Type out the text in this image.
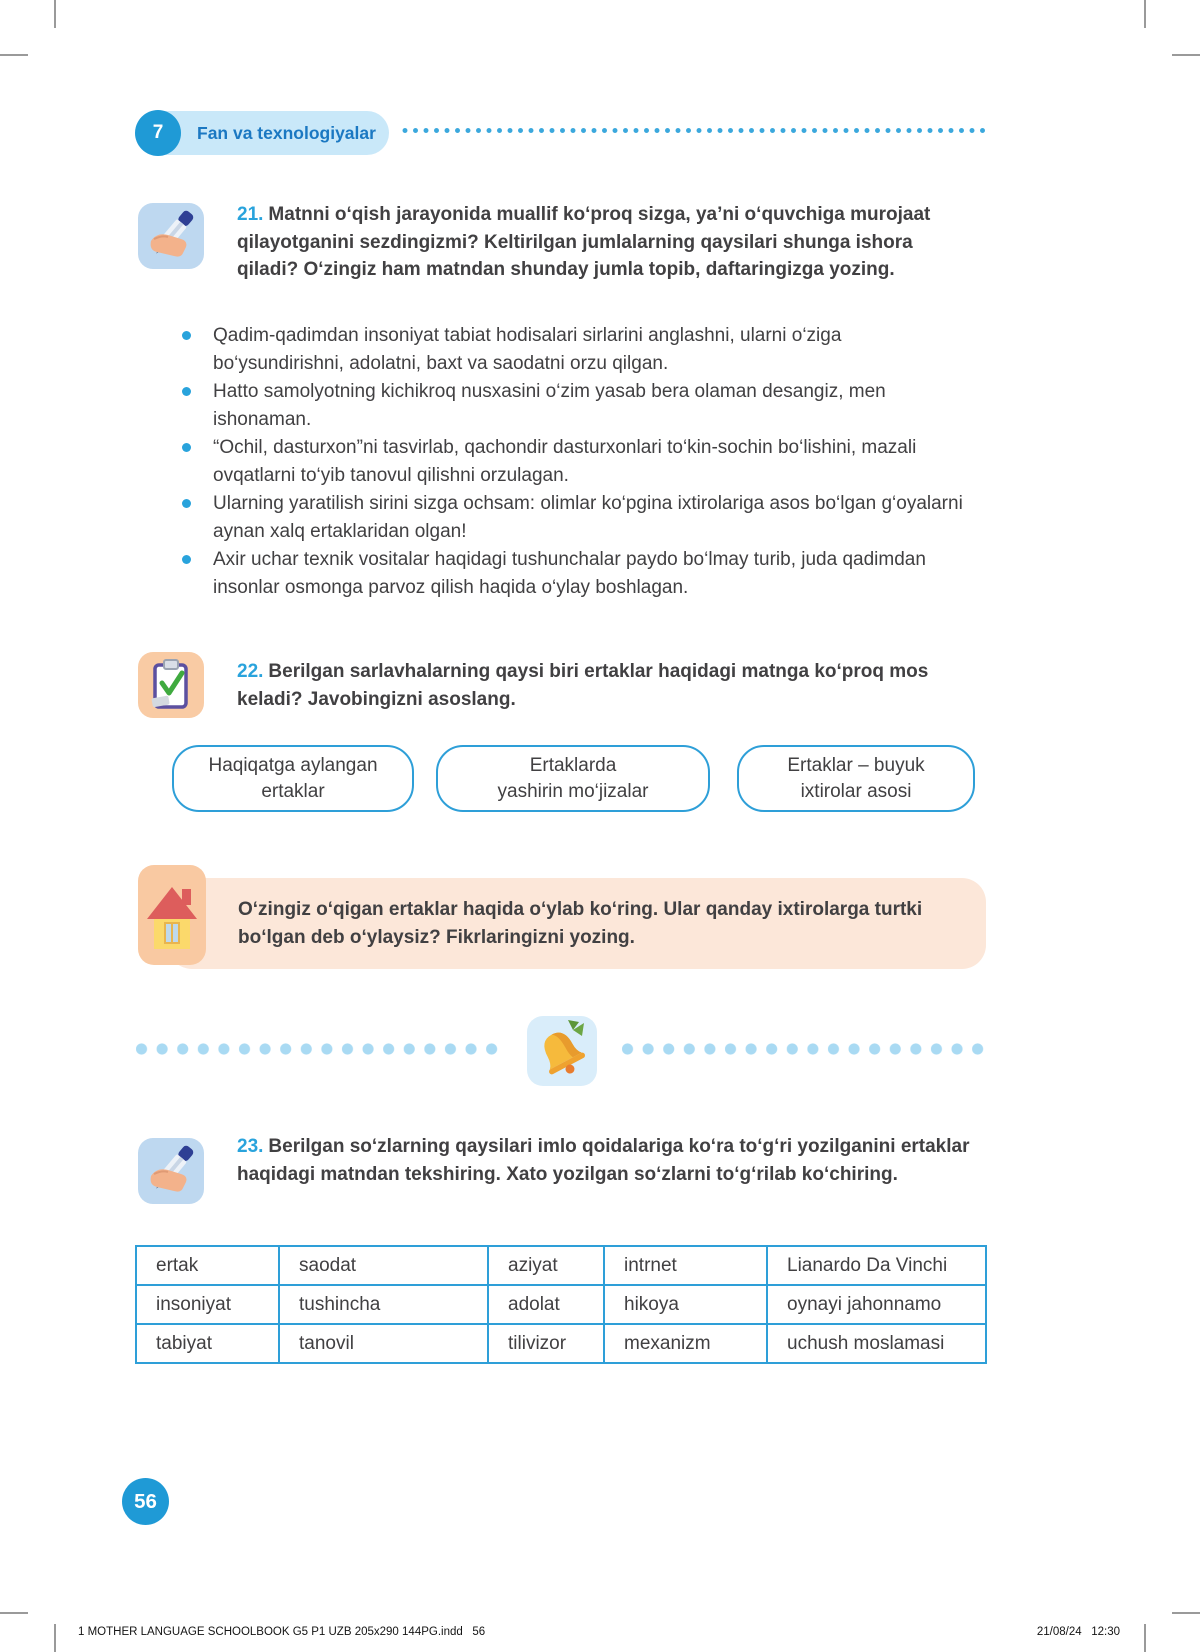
7 Fan va texnologiyalar

21. Matnni o‘qish jarayonida muallif ko‘proq sizga, ya’ni o‘quvchiga murojaat qilayotganini sezdingizmi? Keltirilgan jumlalarning qaysilari shunga ishora qiladi? O‘zingiz ham matndan shunday jumla topib, daftaringizga yozing.

Qadim-qadimdan insoniyat tabiat hodisalari sirlarini anglashni, ularni o‘ziga bo‘ysundirishni, adolatni, baxt va saodatni orzu qilgan.
Hatto samolyotning kichikroq nusxasini o‘zim yasab bera olaman desangiz, men ishonaman.
“Ochil, dasturxon”ni tasvirlab, qachondir dasturxonlari to‘kin-sochin bo‘lishini, mazali ovqatlarni to‘yib tanovul qilishni orzulagan.
Ularning yaratilish sirini sizga ochsam: olimlar ko‘pgina ixtirolariga asos bo‘lgan g‘oyalarni aynan xalq ertaklaridan olgan!
Axir uchar texnik vositalar haqidagi tushunchalar paydo bo‘lmay turib, juda qadimdan insonlar osmonga parvoz qilish haqida o‘ylay boshlagan.

22. Berilgan sarlavhalarning qaysi biri ertaklar haqidagi matnga ko‘proq mos keladi? Javobingizni asoslang.

Haqiqatga aylangan
ertaklar
Ertaklarda
yashirin mo‘jizalar
Ertaklar – buyuk
ixtirolar asosi

O‘zingiz o‘qigan ertaklar haqida o‘ylab ko‘ring. Ular qanday ixtirolarga turtki bo‘lgan deb o‘ylaysiz? Fikrlaringizni yozing.

23. Berilgan so‘zlarning qaysilari imlo qoidalariga ko‘ra to‘g‘ri yozilganini ertaklar haqidagi matndan tekshiring. Xato yozilgan so‘zlarni to‘g‘rilab ko‘chiring.

ertak	saodat	aziyat	intrnet	Lianardo Da Vinchi
insoniyat	tushincha	adolat	hikoya	oynayi jahonnamo
tabiyat	tanovil	tilivizor	mexanizm	uchush moslamasi
56
1 MOTHER LANGUAGE SCHOOLBOOK G5 P1 UZB 205x290 144PG.indd   56	21/08/24   12:30
